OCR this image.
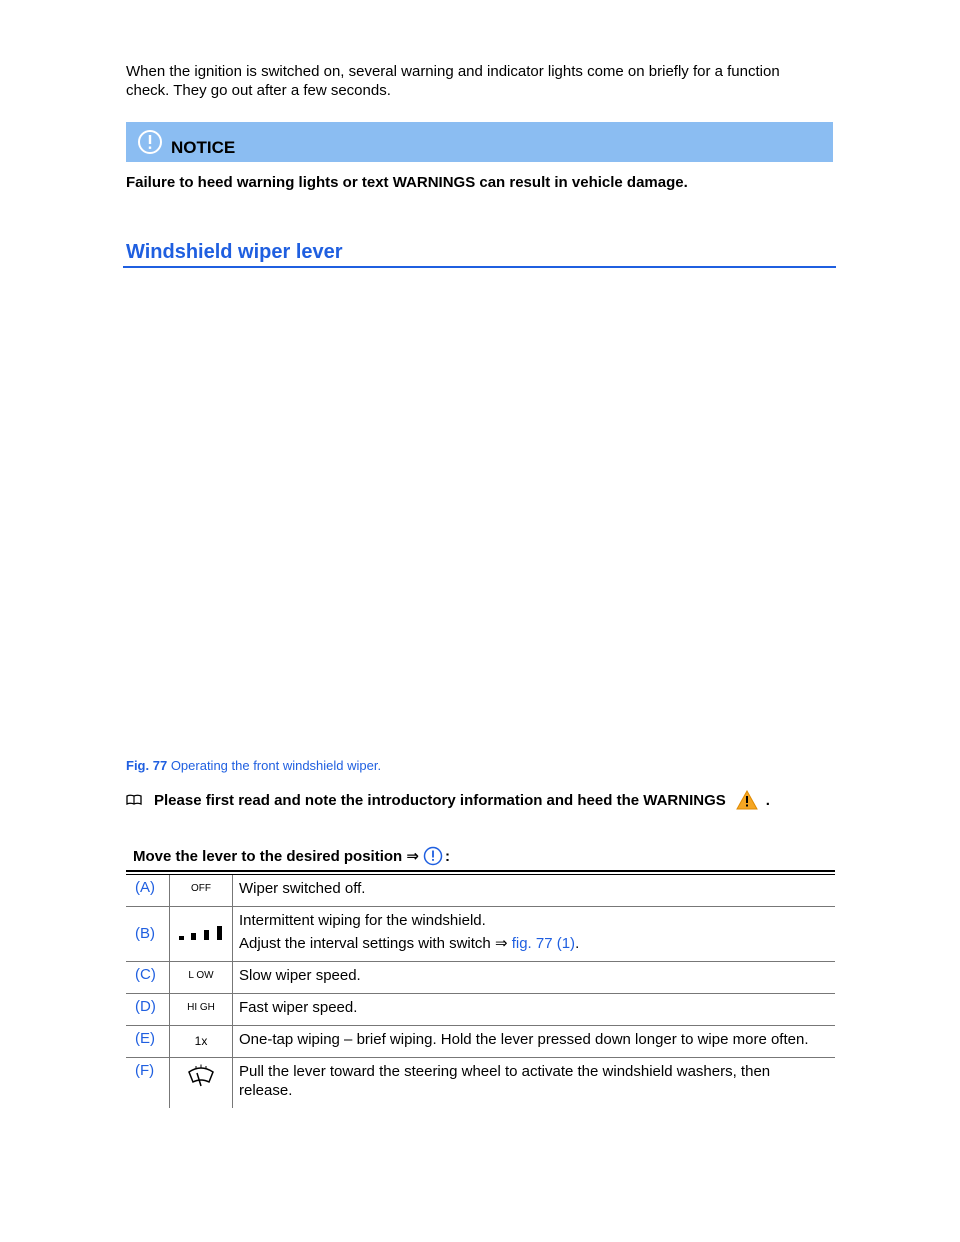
When the ignition is switched on, several warning and indicator lights come on briefly for a function
check. They go out after a few seconds.
NOTICE
Failure to heed warning lights or text WARNINGS can result in vehicle damage.
Windshield wiper lever
Fig. 77 Operating the front windshield wiper.
Please first read and note the introductory information and heed the WARNINGS	.
Move the lever to the desired position ⇒ :
(A)	OFF	Wiper switched off.
(B)		Intermittent wiping for the windshield.
Adjust the interval settings with switch ⇒ fig. 77 (1).

(C)	L OW	Slow wiper speed.
(D)	HI GH	Fast wiper speed.
(E)	1x	One-tap wiping – brief wiping. Hold the lever pressed down longer to wipe more often.
(F)		Pull the lever toward the steering wheel to activate the windshield washers, then
release.
